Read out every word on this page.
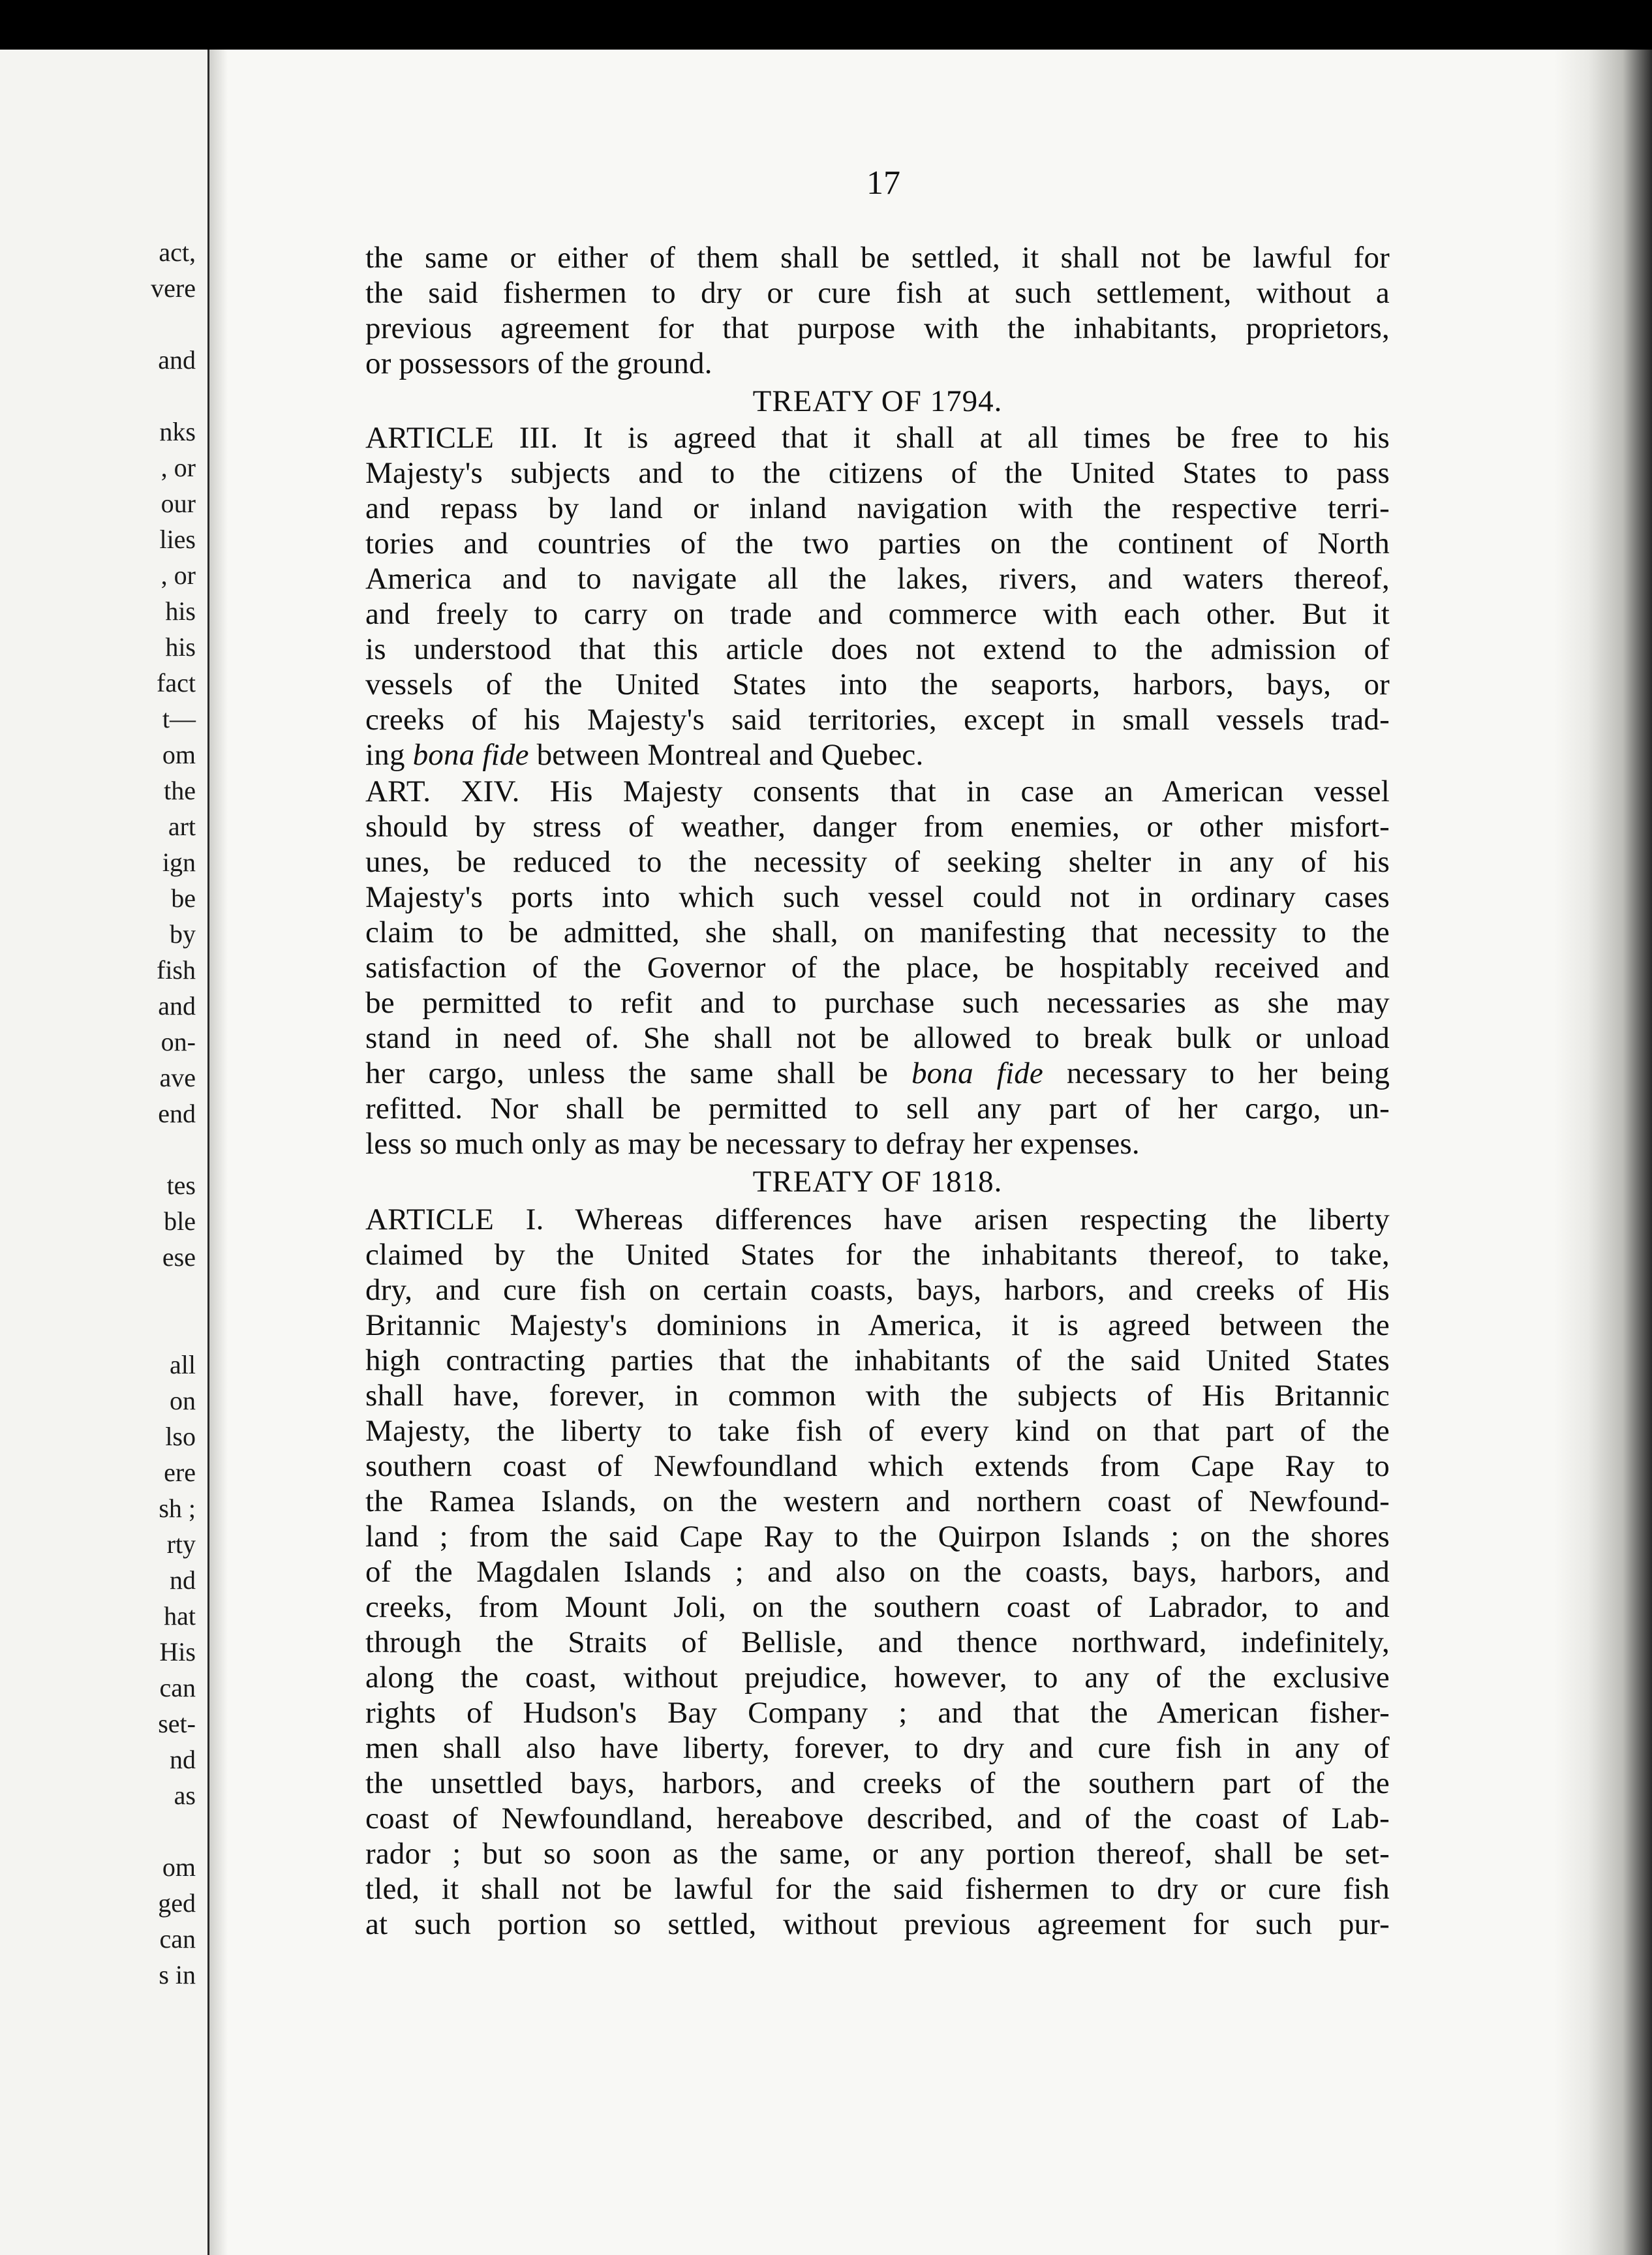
act,
vere
and
nks
, or
our
lies
, or
his
his
fact
t—
om
the
art
ign
be
by
fish
and
on-
ave
end
tes
ble
ese
all
on
lso
ere
sh ;
rty
nd
hat
His
can
set-
nd
as
om
ged
can
s in
17
the same or either of them shall be settled, it shall not be lawful for
the said fishermen to dry or cure fish at such settlement, without a
previous agreement for that purpose with the inhabitants, proprietors,
or possessors of the ground.
TREATY OF 1794.
ARTICLE III. It is agreed that it shall at all times be free to his
Majesty's subjects and to the citizens of the United States to pass
and repass by land or inland navigation with the respective terri-
tories and countries of the two parties on the continent of North
America and to navigate all the lakes, rivers, and waters thereof,
and freely to carry on trade and commerce with each other. But it
is understood that this article does not extend to the admission of
vessels of the United States into the seaports, harbors, bays, or
creeks of his Majesty's said territories, except in small vessels trad-
ing bona fide between Montreal and Quebec.
ART. XIV. His Majesty consents that in case an American vessel
should by stress of weather, danger from enemies, or other misfort-
unes, be reduced to the necessity of seeking shelter in any of his
Majesty's ports into which such vessel could not in ordinary cases
claim to be admitted, she shall, on manifesting that necessity to the
satisfaction of the Governor of the place, be hospitably received and
be permitted to refit and to purchase such necessaries as she may
stand in need of. She shall not be allowed to break bulk or unload
her cargo, unless the same shall be bona fide necessary to her being
refitted. Nor shall be permitted to sell any part of her cargo, un-
less so much only as may be necessary to defray her expenses.
TREATY OF 1818.
ARTICLE I. Whereas differences have arisen respecting the liberty
claimed by the United States for the inhabitants thereof, to take,
dry, and cure fish on certain coasts, bays, harbors, and creeks of His
Britannic Majesty's dominions in America, it is agreed between the
high contracting parties that the inhabitants of the said United States
shall have, forever, in common with the subjects of His Britannic
Majesty, the liberty to take fish of every kind on that part of the
southern coast of Newfoundland which extends from Cape Ray to
the Ramea Islands, on the western and northern coast of Newfound-
land ; from the said Cape Ray to the Quirpon Islands ; on the shores
of the Magdalen Islands ; and also on the coasts, bays, harbors, and
creeks, from Mount Joli, on the southern coast of Labrador, to and
through the Straits of Bellisle, and thence northward, indefinitely,
along the coast, without prejudice, however, to any of the exclusive
rights of Hudson's Bay Company ; and that the American fisher-
men shall also have liberty, forever, to dry and cure fish in any of
the unsettled bays, harbors, and creeks of the southern part of the
coast of Newfoundland, hereabove described, and of the coast of Lab-
rador ; but so soon as the same, or any portion thereof, shall be set-
tled, it shall not be lawful for the said fishermen to dry or cure fish
at such portion so settled, without previous agreement for such pur-
